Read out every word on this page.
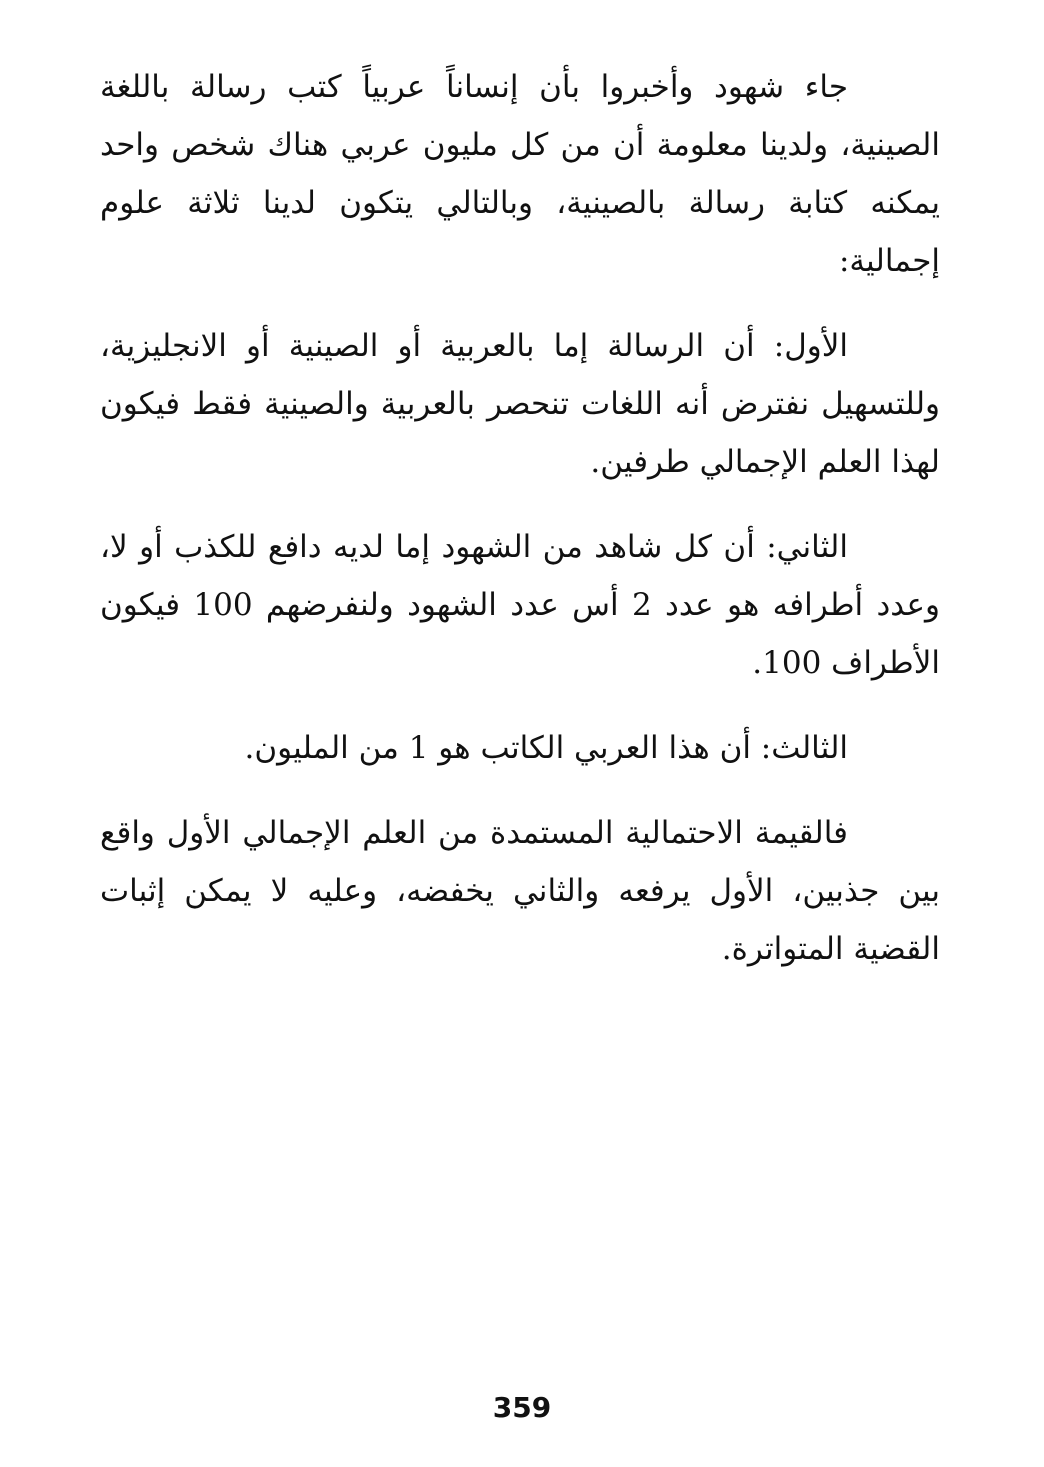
جاء شهود وأخبروا بأن إنساناً عربياً كتب رسالة باللغة الصينية، ولدينا معلومة أن من كل مليون عربي هناك شخص واحد يمكنه كتابة رسالة بالصينية، وبالتالي يتكون لدينا ثلاثة علوم إجمالية:

الأول: أن الرسالة إما بالعربية أو الصينية أو الانجليزية، وللتسهيل نفترض أنه اللغات تنحصر بالعربية والصينية فقط فيكون لهذا العلم الإجمالي طرفين.

الثاني: أن كل شاهد من الشهود إما لديه دافع للكذب أو لا، وعدد أطرافه هو عدد 2 أس عدد الشهود ولنفرضهم 100 فيكون الأطراف 100.

الثالث: أن هذا العربي الكاتب هو 1 من المليون.

فالقيمة الاحتمالية المستمدة من العلم الإجمالي الأول واقع بين جذبين، الأول يرفعه والثاني يخفضه، وعليه لا يمكن إثبات القضية المتواترة.

359
